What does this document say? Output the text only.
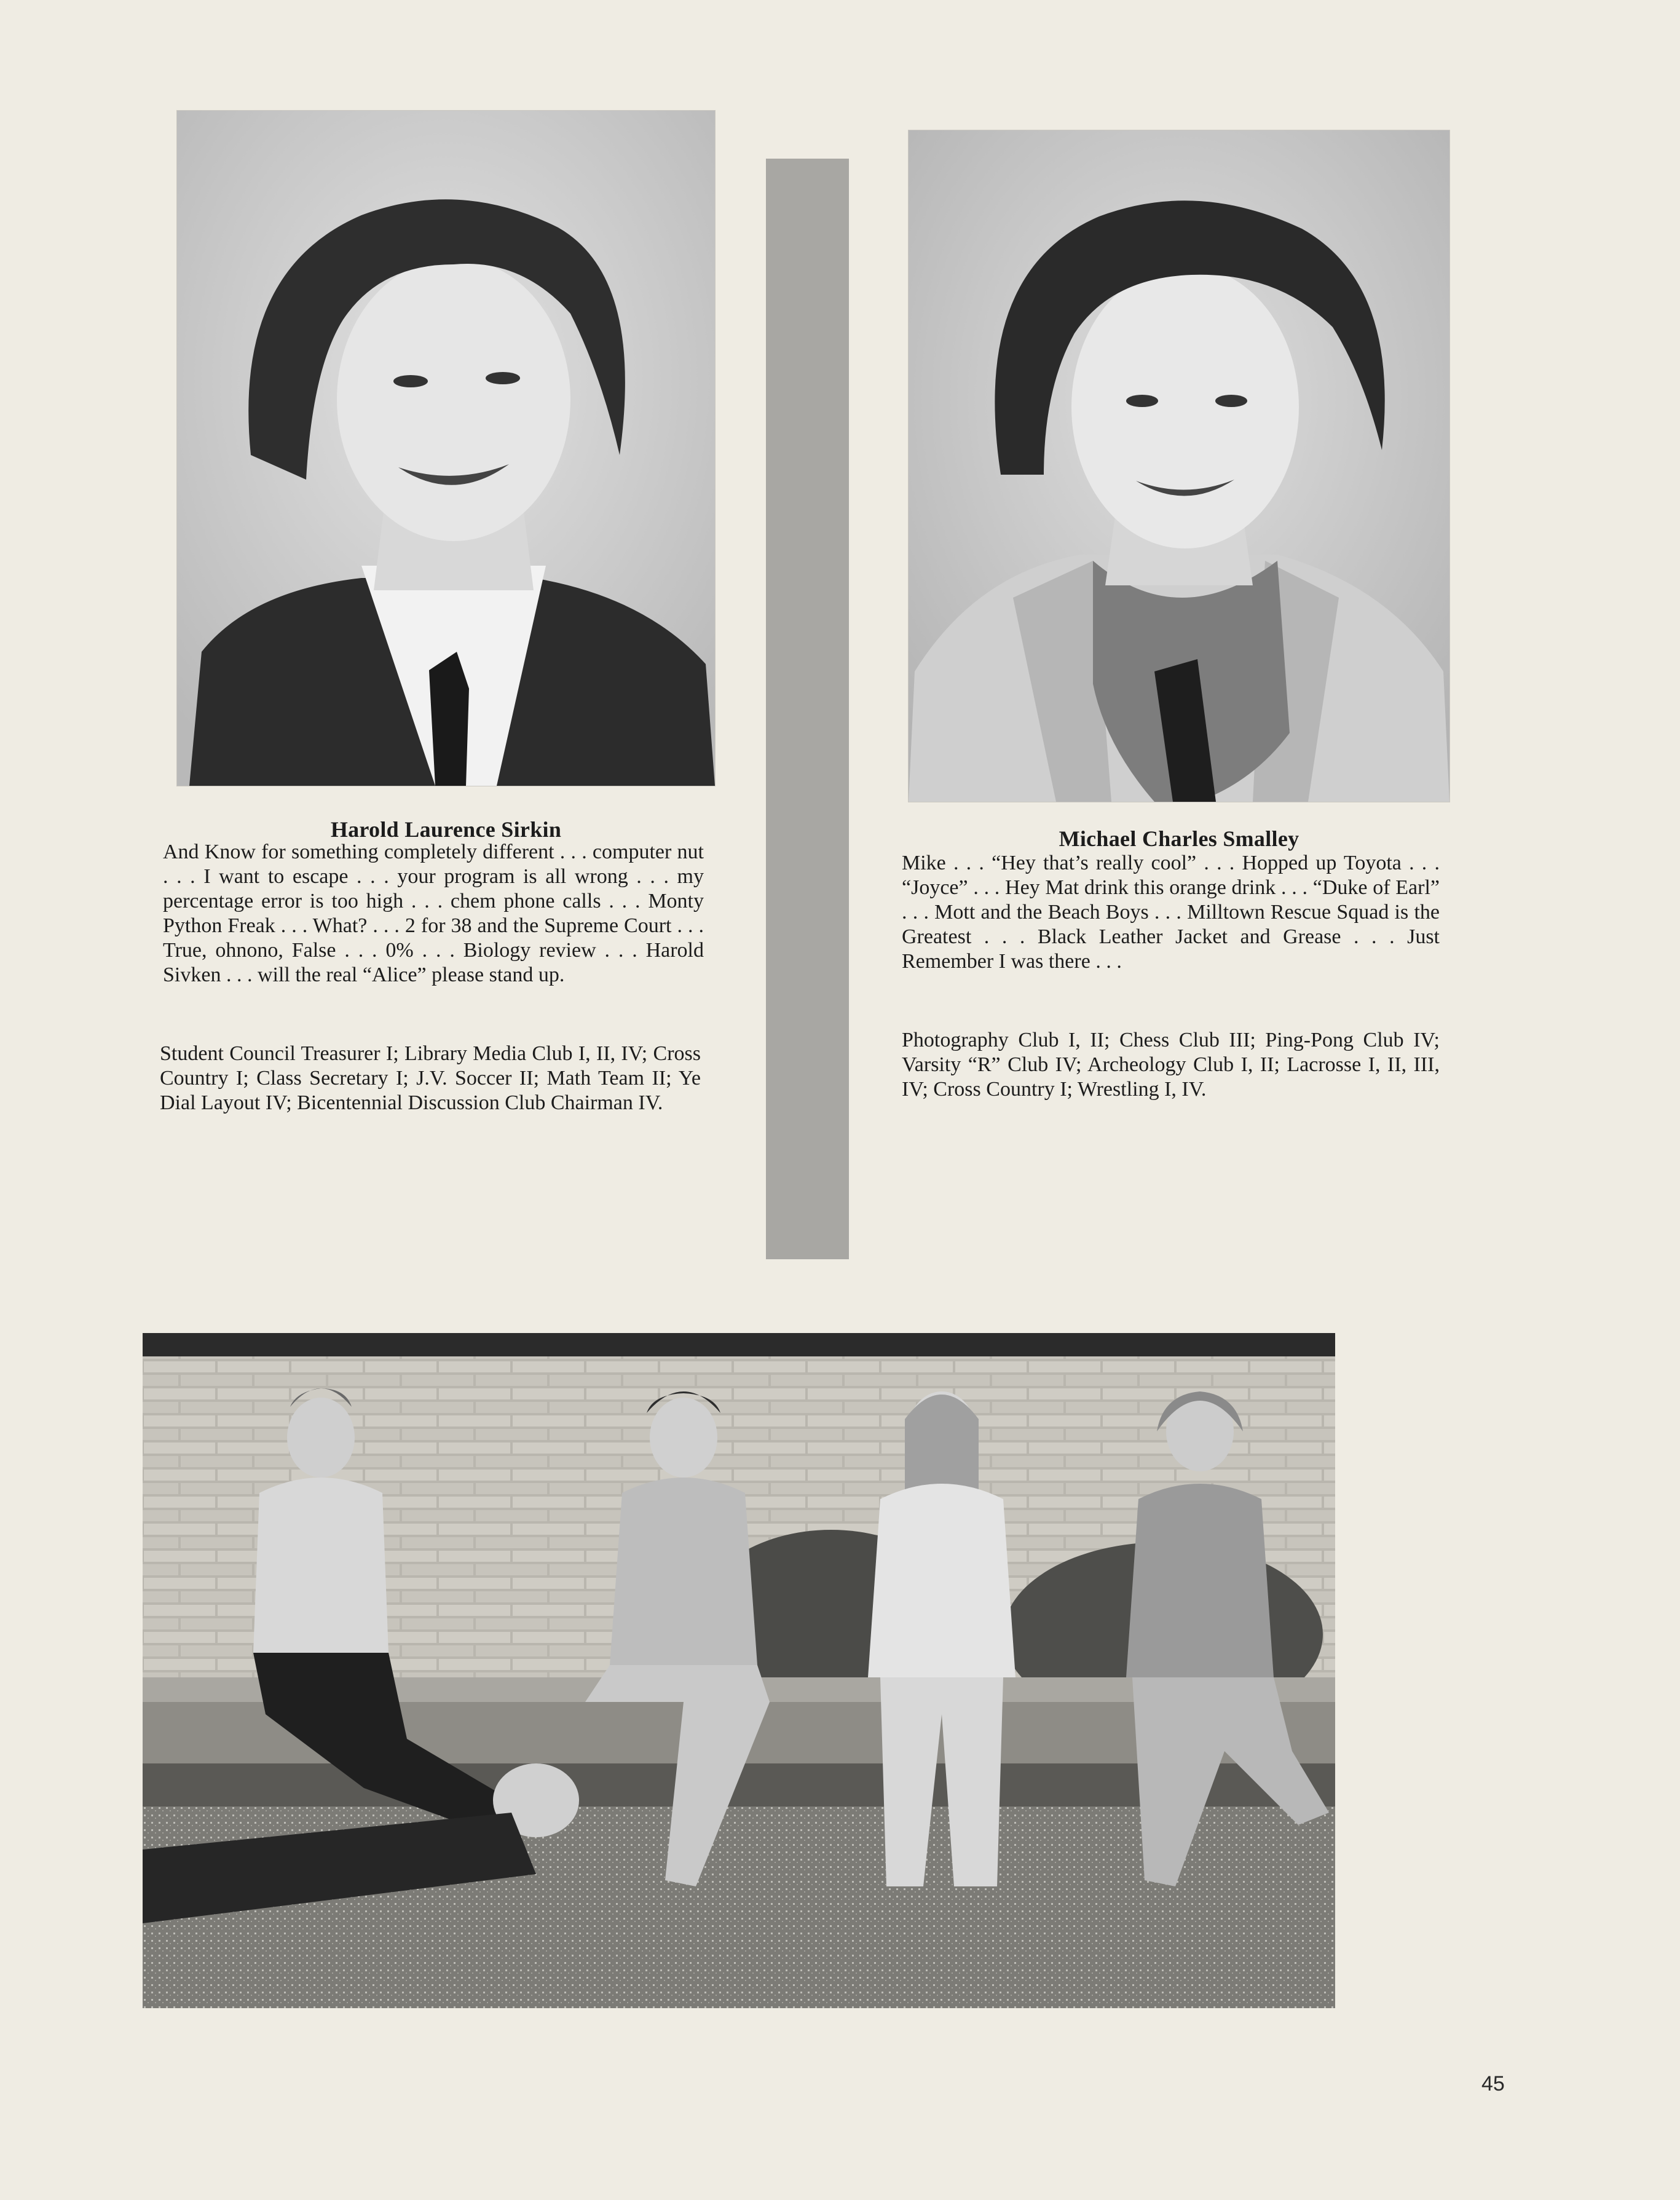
Harold Laurence Sirkin

And Know for something completely different . . . computer nut . . . I want to escape . . . your program is all wrong . . . my percentage error is too high . . . chem phone calls . . . Monty Python Freak . . . What? . . . 2 for 38 and the Supreme Court . . . True, ohnono, False . . . 0% . . . Biology review . . . Harold Sivken . . . will the real “Alice” please stand up.

Student Council Treasurer I; Library Media Club I, II, IV; Cross Country I; Class Secretary I; J.V. Soccer II; Math Team II; Ye Dial Layout IV; Bicentennial Discussion Club Chairman IV.

Michael Charles Smalley

Mike . . . “Hey that’s really cool” . . . Hopped up Toyota . . . “Joyce” . . . Hey Mat drink this orange drink . . . “Duke of Earl” . . . Mott and the Beach Boys . . . Milltown Rescue Squad is the Greatest . . . Black Leather Jacket and Grease . . . Just Remember I was there . . .

Photography Club I, II; Chess Club III; Ping-Pong Club IV; Varsity “R” Club IV; Archeology Club I, II; Lacrosse I, II, III, IV; Cross Country I; Wrestling I, IV.

45
